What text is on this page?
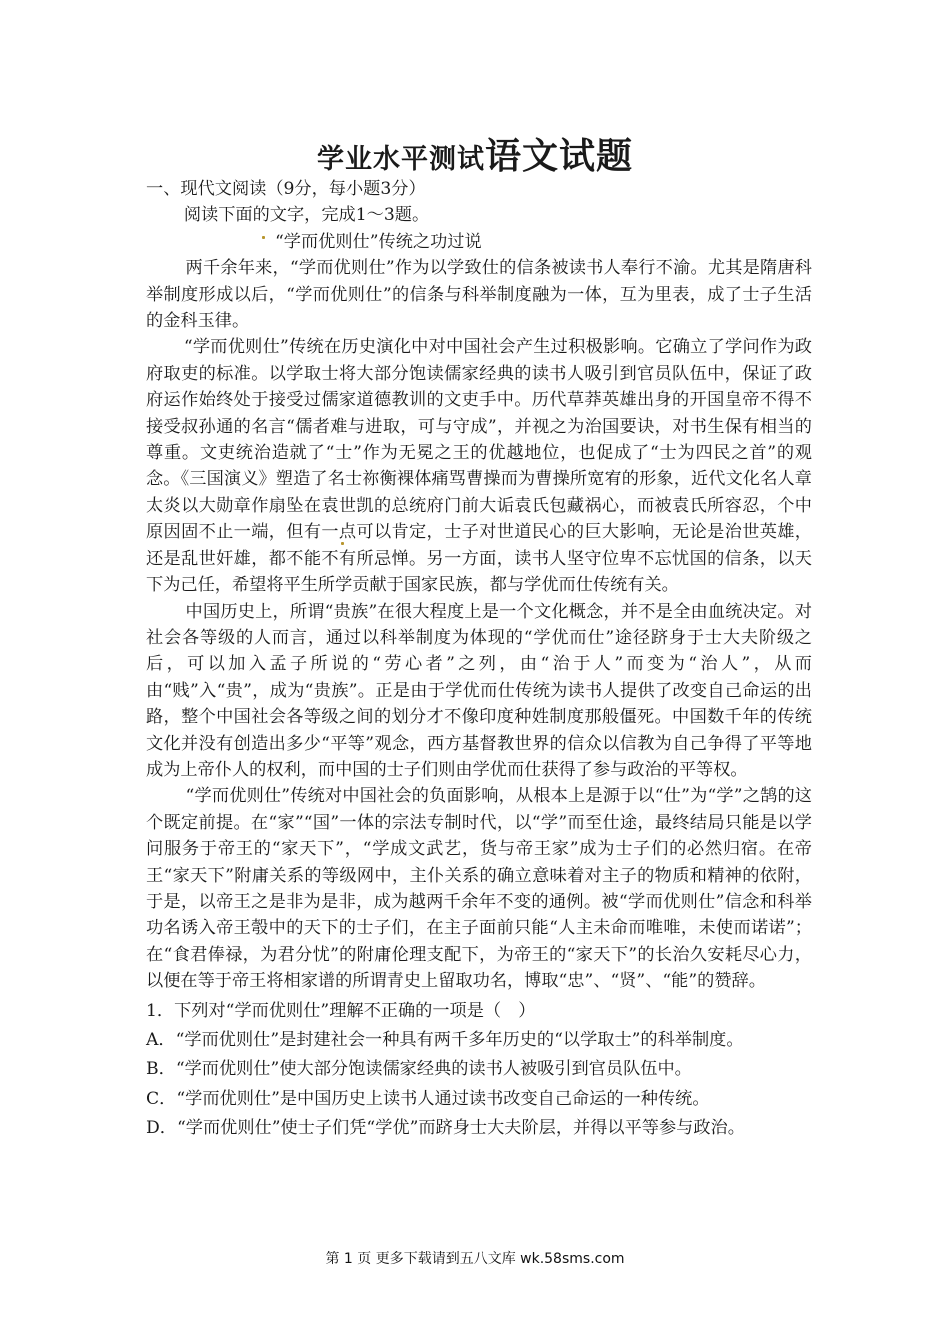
学业水平测试语文试题

一、现代文阅读（9分，每小题3分）

阅读下面的文字，完成1～3题。

“学而优则仕”传统之功过说

两千余年来，“学而优则仕”作为以学致仕的信条被读书人奉行不渝。尤其是隋唐科举制度形成以后，“学而优则仕”的信条与科举制度融为一体，互为里表，成了士子生活的金科玉律。

“学而优则仕”传统在历史演化中对中国社会产生过积极影响。它确立了学问作为政府取吏的标准。以学取士将大部分饱读儒家经典的读书人吸引到官员队伍中，保证了政府运作始终处于接受过儒家道德教训的文吏手中。历代草莽英雄出身的开国皇帝不得不接受叔孙通的名言“儒者难与进取，可与守成”，并视之为治国要诀，对书生保有相当的尊重。文吏统治造就了“士”作为无冕之王的优越地位，也促成了“士为四民之首”的观念。《三国演义》塑造了名士祢衡裸体痛骂曹操而为曹操所宽宥的形象，近代文化名人章太炎以大勋章作扇坠在袁世凯的总统府门前大诟袁氏包藏祸心，而被袁氏所容忍，个中原因固不止一端，但有一点可以肯定，士子对世道民心的巨大影响，无论是治世英雄，还是乱世奸雄，都不能不有所忌惮。另一方面，读书人坚守位卑不忘忧国的信条，以天下为己任，希望将平生所学贡献于国家民族，都与学优而仕传统有关。

中国历史上，所谓“贵族”在很大程度上是一个文化概念，并不是全由血统决定。对社会各等级的人而言，通过以科举制度为体现的“学优而仕”途径跻身于士大夫阶级之后，可以加入孟子所说的“劳心者”之列，由“治于人”而变为“治人”，从而由“贱”入“贵”，成为“贵族”。正是由于学优而仕传统为读书人提供了改变自己命运的出路，整个中国社会各等级之间的划分才不像印度种姓制度那般僵死。中国数千年的传统文化并没有创造出多少“平等”观念，西方基督教世界的信众以信教为自己争得了平等地成为上帝仆人的权利，而中国的士子们则由学优而仕获得了参与政治的平等权。

“学而优则仕”传统对中国社会的负面影响，从根本上是源于以“仕”为“学”之鹄的这个既定前提。在“家”“国”一体的宗法专制时代，以“学”而至仕途，最终结局只能是以学问服务于帝王的“家天下”，“学成文武艺，货与帝王家”成为士子们的必然归宿。在帝王“家天下”附庸关系的等级网中，主仆关系的确立意味着对主子的物质和精神的依附，于是，以帝王之是非为是非，成为越两千余年不变的通例。被“学而优则仕”信念和科举功名诱入帝王彀中的天下的士子们，在主子面前只能“人主未命而唯唯，未使而诺诺”；在“食君俸禄，为君分忧”的附庸伦理支配下，为帝王的“家天下”的长治久安耗尽心力，以便在等于帝王将相家谱的所谓青史上留取功名，博取“忠”、“贤”、“能”的赞辞。

1．下列对“学而优则仕”理解不正确的一项是（　）

A．“学而优则仕”是封建社会一种具有两千多年历史的“以学取士”的科举制度。

B．“学而优则仕”使大部分饱读儒家经典的读书人被吸引到官员队伍中。

C．“学而优则仕”是中国历史上读书人通过读书改变自己命运的一种传统。

D．“学而优则仕”使士子们凭“学优”而跻身士大夫阶层，并得以平等参与政治。

第 1 页 更多下载请到五八文库 wk.58sms.com
